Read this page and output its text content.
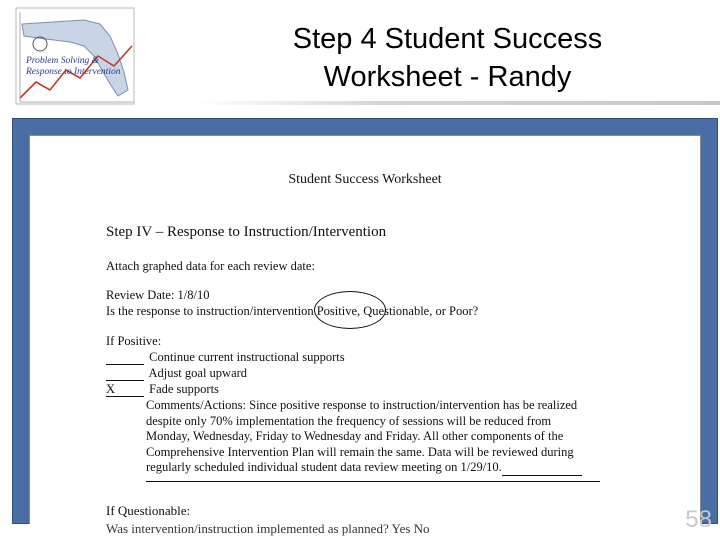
Problem Solving &
Response to Intervention
Step 4 Student Success
Worksheet - Randy
Student Success Worksheet
Step IV – Response to Instruction/Intervention
Attach graphed data for each review date:
Review Date: 1/8/10
Is the response to instruction/intervention Positive, Questionable, or Poor?
If Positive:
Continue current instructional supports
Adjust goal upward
X	Fade supports

Comments/Actions: Since positive response to instruction/intervention has be realized

despite only 70% implementation the frequency of sessions will be reduced from

Monday, Wednesday, Friday to Wednesday and Friday. All other components of the

Comprehensive Intervention Plan will remain the same. Data will be reviewed during

regularly scheduled individual student data review meeting on 1/29/10.

If Questionable:
Was intervention/instruction implemented as planned? Yes No	58
